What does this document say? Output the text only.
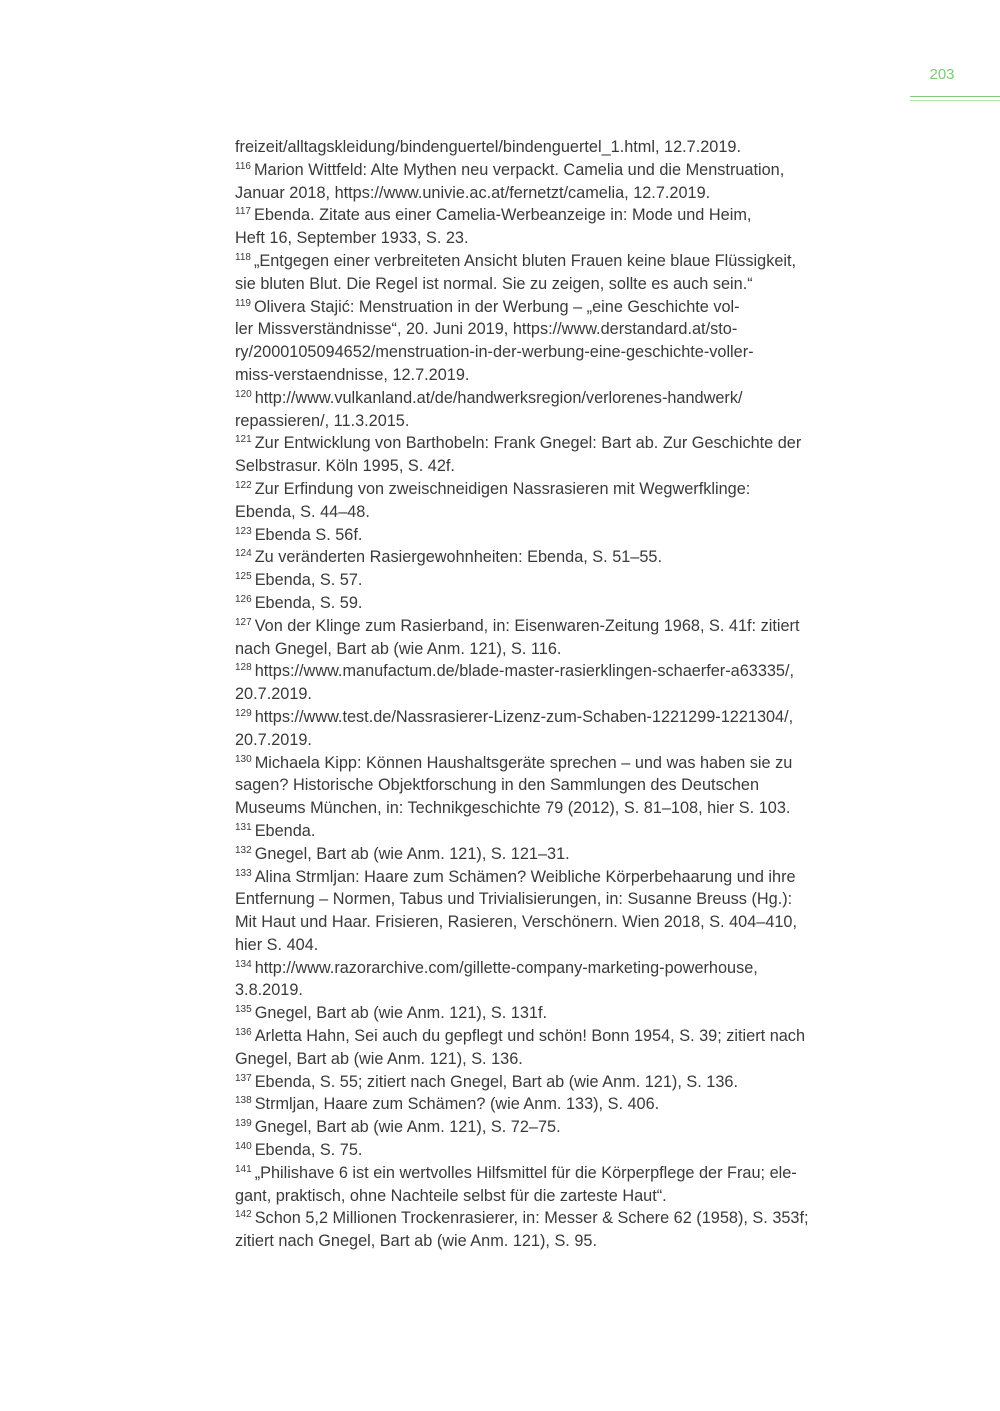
203
freizeit/alltagskleidung/bindenguertel/bindenguertel_1.html, 12.7.2019.
$^{116}$ Marion Wittfeld: Alte Mythen neu verpackt. Camelia und die Menstruation,
Januar 2018, https://www.univie.ac.at/fernetzt/camelia, 12.7.2019.
$^{117}$ Ebenda. Zitate aus einer Camelia-Werbeanzeige in: Mode und Heim,
Heft 16, September 1933, S. 23.
$^{118}$ „Entgegen einer verbreiteten Ansicht bluten Frauen keine blaue Flüssigkeit,
sie bluten Blut. Die Regel ist normal. Sie zu zeigen, sollte es auch sein.“
$^{119}$ Olivera Stajić: Menstruation in der Werbung – „eine Geschichte vol-
ler Missverständnisse“, 20. Juni 2019, https://www.derstandard.at/sto-
ry/2000105094652/menstruation-in-der-werbung-eine-geschichte-voller-
miss-verstaendnisse, 12.7.2019.
$^{120}$ http://www.vulkanland.at/de/handwerksregion/verlorenes-handwerk/
repassieren/, 11.3.2015.
$^{121}$ Zur Entwicklung von Barthobeln: Frank Gnegel: Bart ab. Zur Geschichte der
Selbstrasur. Köln 1995, S. 42f.
$^{122}$ Zur Erfindung von zweischneidigen Nassrasieren mit Wegwerfklinge:
Ebenda, S. 44–48.
$^{123}$ Ebenda S. 56f.
$^{124}$ Zu veränderten Rasiergewohnheiten: Ebenda, S. 51–55.
$^{125}$ Ebenda, S. 57.
$^{126}$ Ebenda, S. 59.
$^{127}$ Von der Klinge zum Rasierband, in: Eisenwaren-Zeitung 1968, S. 41f: zitiert
nach Gnegel, Bart ab (wie Anm. 121), S. 116.
$^{128}$ https://www.manufactum.de/blade-master-rasierklingen-schaerfer-a63335/,
20.7.2019.
$^{129}$ https://www.test.de/Nassrasierer-Lizenz-zum-Schaben-1221299-1221304/,
20.7.2019.
$^{130}$ Michaela Kipp: Können Haushaltsgeräte sprechen – und was haben sie zu
sagen? Historische Objektforschung in den Sammlungen des Deutschen
Museums München, in: Technikgeschichte 79 (2012), S. 81–108, hier S. 103.
$^{131}$ Ebenda.
$^{132}$ Gnegel, Bart ab (wie Anm. 121), S. 121–31.
$^{133}$ Alina Strmljan: Haare zum Schämen? Weibliche Körperbehaarung und ihre
Entfernung – Normen, Tabus und Trivialisierungen, in: Susanne Breuss (Hg.):
Mit Haut und Haar. Frisieren, Rasieren, Verschönern. Wien 2018, S. 404–410,
hier S. 404.
$^{134}$ http://www.razorarchive.com/gillette-company-marketing-powerhouse,
3.8.2019.
$^{135}$ Gnegel, Bart ab (wie Anm. 121), S. 131f.
$^{136}$ Arletta Hahn, Sei auch du gepflegt und schön! Bonn 1954, S. 39; zitiert nach
Gnegel, Bart ab (wie Anm. 121), S. 136.
$^{137}$ Ebenda, S. 55; zitiert nach Gnegel, Bart ab (wie Anm. 121), S. 136.
$^{138}$ Strmljan, Haare zum Schämen? (wie Anm. 133), S. 406.
$^{139}$ Gnegel, Bart ab (wie Anm. 121), S. 72–75.
$^{140}$ Ebenda, S. 75.
$^{141}$ „Philishave 6 ist ein wertvolles Hilfsmittel für die Körperpflege der Frau; ele-
gant, praktisch, ohne Nachteile selbst für die zarteste Haut“.
$^{142}$ Schon 5,2 Millionen Trockenrasierer, in: Messer & Schere 62 (1958), S. 353f;
zitiert nach Gnegel, Bart ab (wie Anm. 121), S. 95.
